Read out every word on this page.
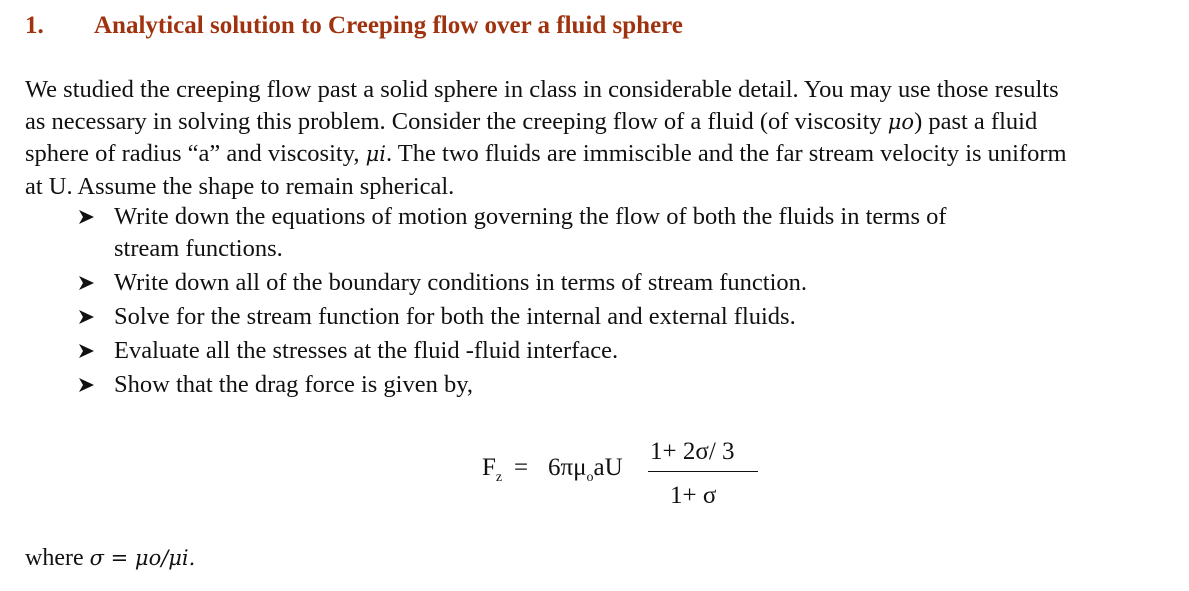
1. Analytical solution to Creeping flow over a fluid sphere
We studied the creeping flow past a solid sphere in class in considerable detail. You may use those results
as necessary in solving this problem. Consider the creeping flow of a fluid (of viscosity μo) past a fluid
sphere of radius “a” and viscosity, μi. The two fluids are immiscible and the far stream velocity is uniform
at U. Assume the shape to remain spherical.
Write down the equations of motion governing the flow of both the fluids in terms of
stream functions.
Write down all of the boundary conditions in terms of stream function.
Solve for the stream function for both the internal and external fluids.
Evaluate all the stresses at the fluid -fluid interface.
Show that the drag force is given by,
$F_z = 6\pi\mu_oaU$
1+ 2σ/ 3
1+ σ
where σ = μo/μi.
